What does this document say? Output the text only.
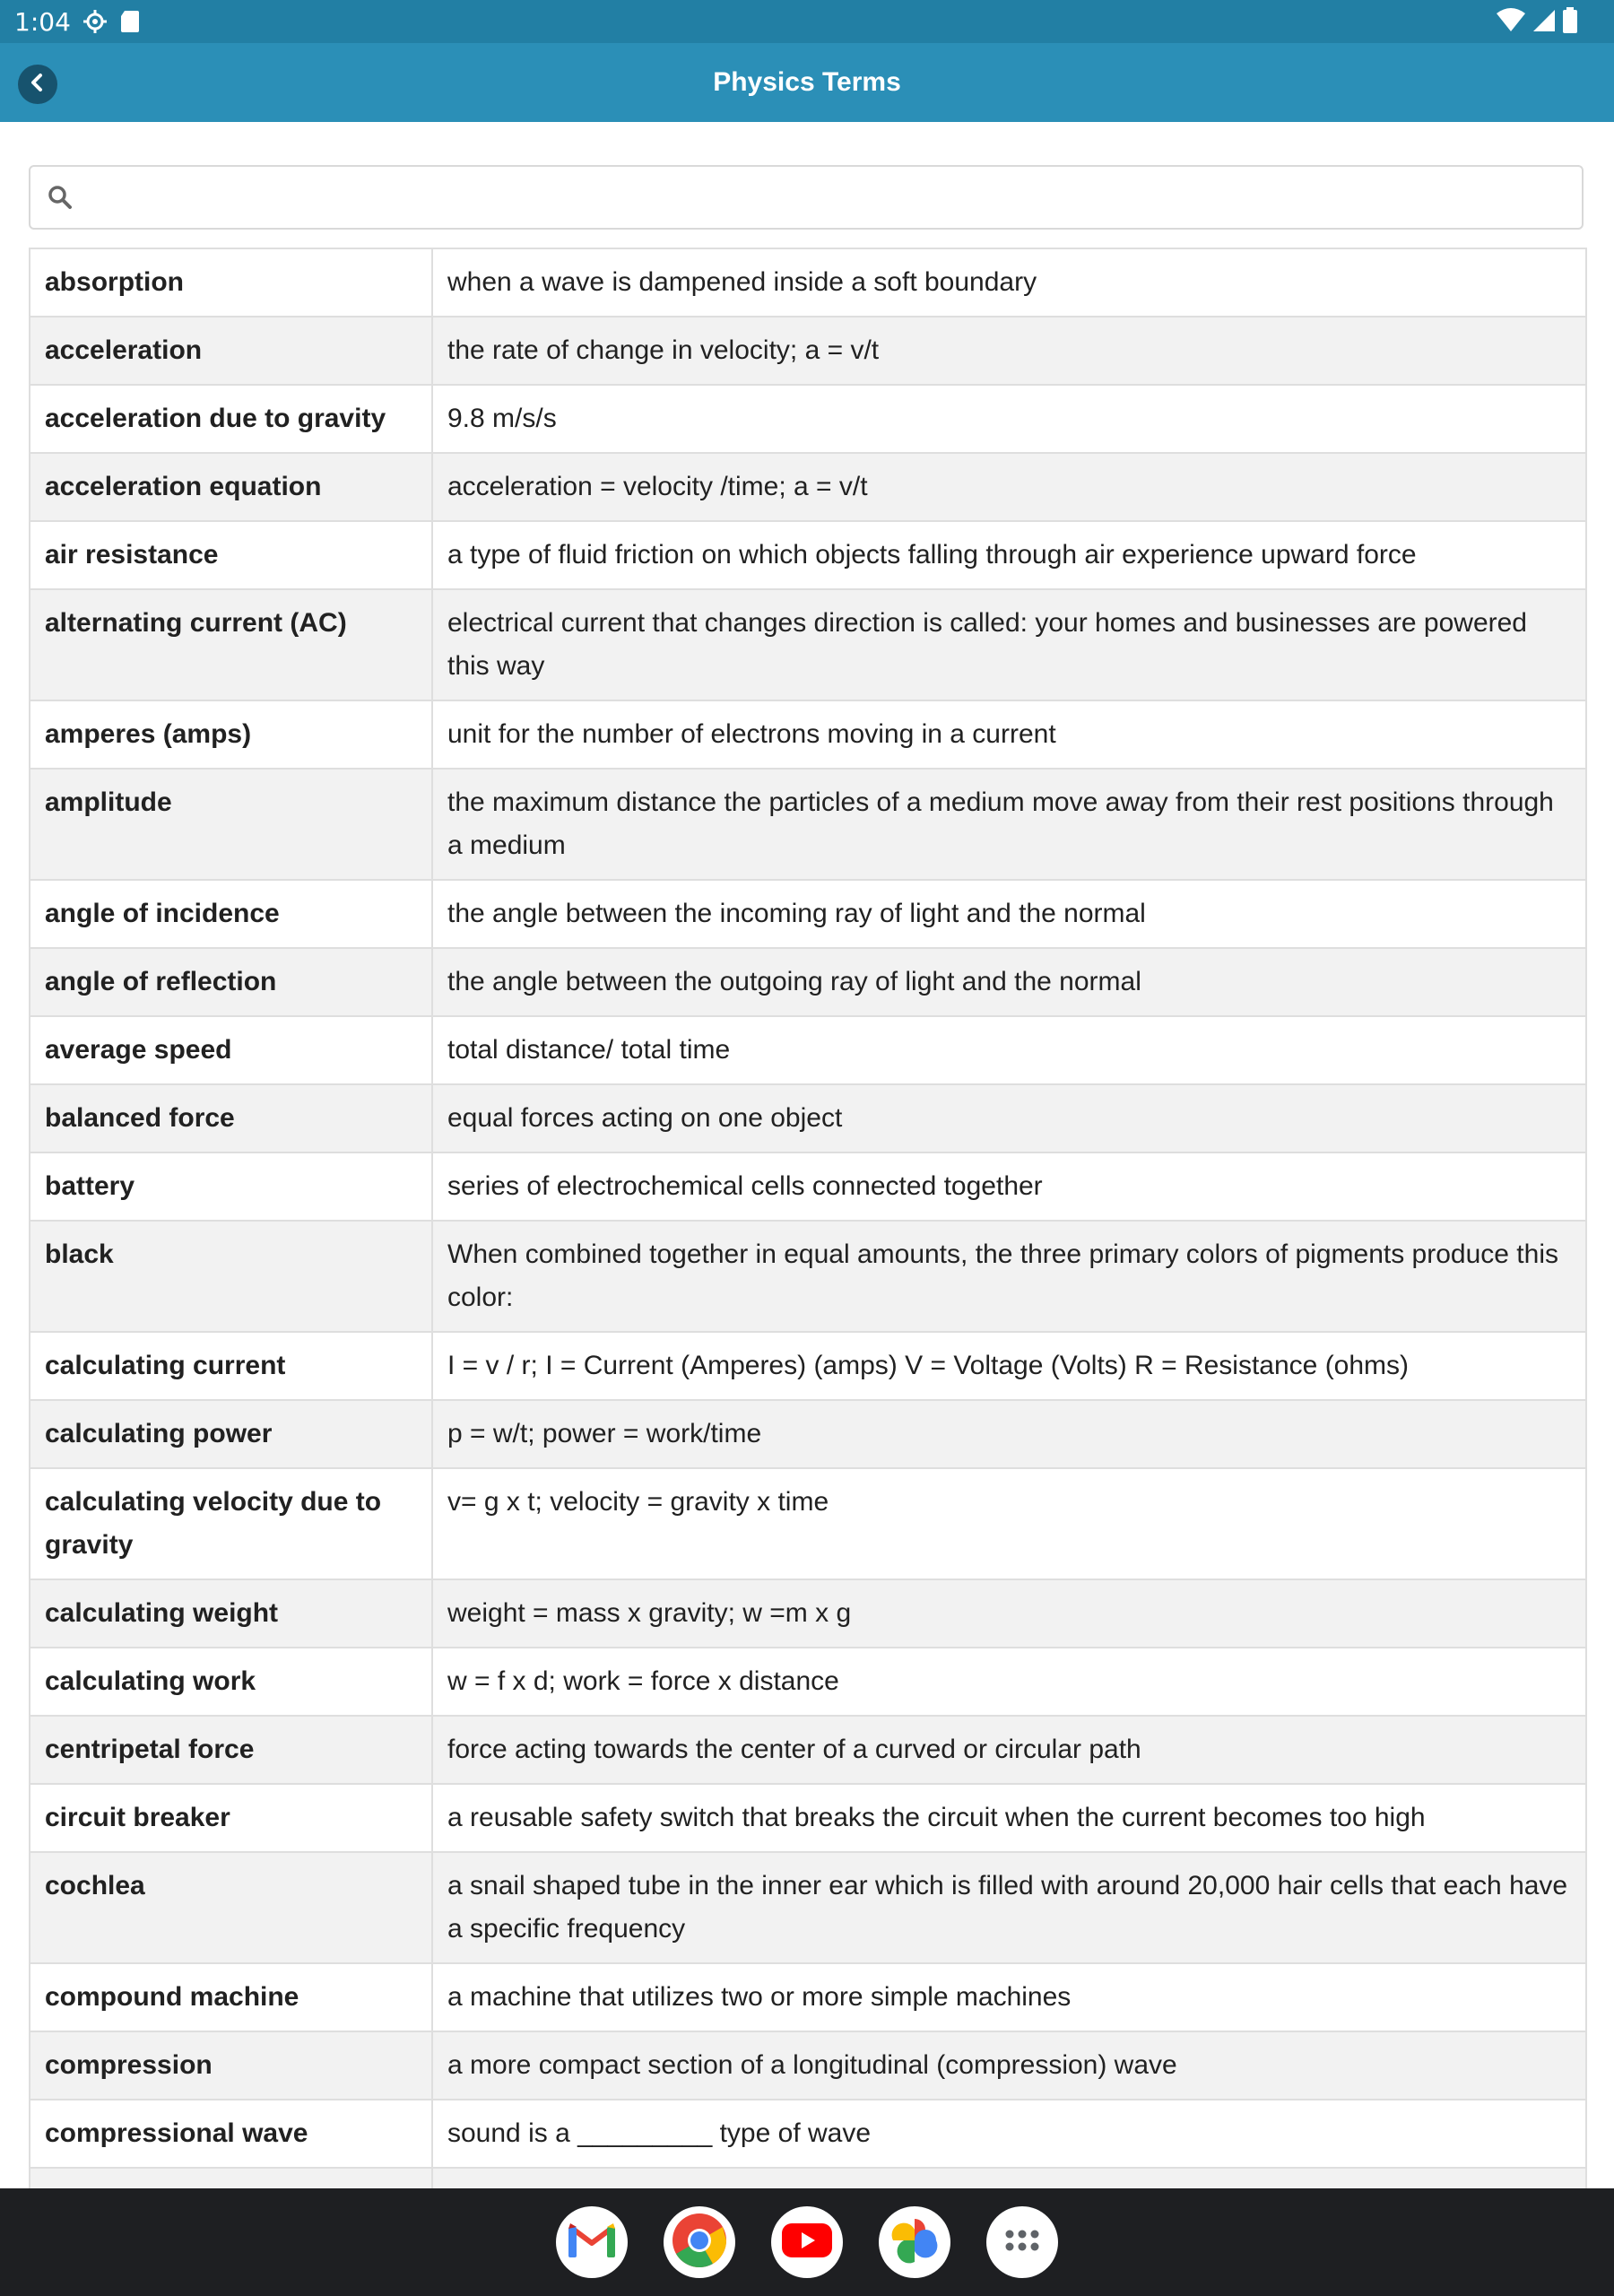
1:04
Physics Terms
absorption	when a wave is dampened inside a soft boundary
acceleration	the rate of change in velocity; a = v/t
acceleration due to gravity	9.8 m/s/s
acceleration equation	acceleration = velocity /time; a = v/t
air resistance	a type of fluid friction on which objects falling through air experience upward force
alternating current (AC)	electrical current that changes direction is called: your homes and businesses are powered this way
amperes (amps)	unit for the number of electrons moving in a current
amplitude	the maximum distance the particles of a medium move away from their rest positions through a medium
angle of incidence	the angle between the incoming ray of light and the normal
angle of reflection	the angle between the outgoing ray of light and the normal
average speed	total distance/ total time
balanced force	equal forces acting on one object
battery	series of electrochemical cells connected together
black	When combined together in equal amounts, the three primary colors of pigments produce this color:
calculating current	I = v / r; I = Current (Amperes) (amps) V = Voltage (Volts) R = Resistance (ohms)
calculating power	p = w/t; power = work/time
calculating velocity due to gravity	v= g x t; velocity = gravity x time
calculating weight	weight = mass x gravity; w =m x g
calculating work	w = f x d; work = force x distance
centripetal force	force acting towards the center of a curved or circular path
circuit breaker	a reusable safety switch that breaks the circuit when the current becomes too high
cochlea	a snail shaped tube in the inner ear which is filled with around 20,000 hair cells that each have a specific frequency
compound machine	a machine that utilizes two or more simple machines
compression	a more compact section of a longitudinal (compression) wave
compressional wave	sound is a _________ type of wave
